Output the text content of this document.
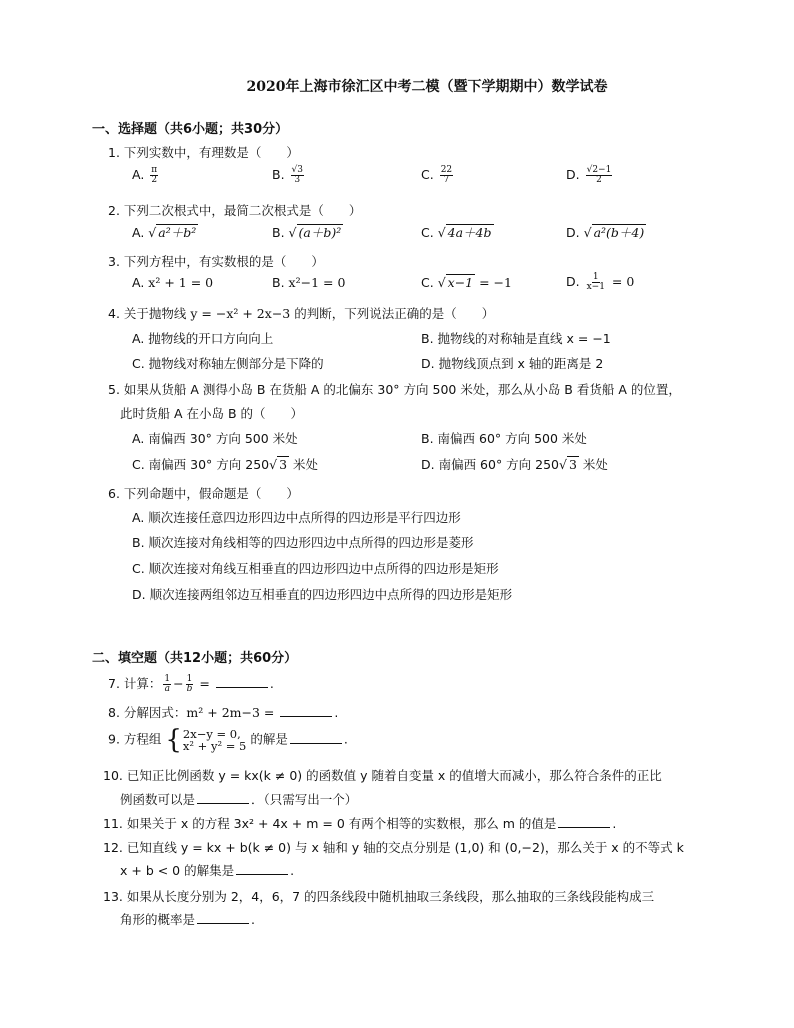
2020年上海市徐汇区中考二模（暨下学期期中）数学试卷
一、选择题（共6小题；共30分）
1. 下列实数中，有理数是（　　）
A. $\frac{\pi}{2}$	B. $\frac{√3}{3}$	C. $\frac{22}{7}$	D. $\frac{√2-1}{2}$
2. 下列二次根式中，最简二次根式是（　　）
A. √ a²＋b²	B. √ (a＋b)²	C. √ 4a＋4b	D. √ a²(b＋4)
3. 下列方程中，有实数根的是（　　）
A. x² + 1 = 0	B. x²−1 = 0	C. √ x−1 = −1	D. $\frac{1}{x-1} = 0$
4. 关于抛物线 y = −x² + 2x−3 的判断，下列说法正确的是（　　）
A. 抛物线的开口方向向上	B. 抛物线的对称轴是直线 x = −1
C. 抛物线对称轴左侧部分是下降的	D. 抛物线顶点到 x 轴的距离是 2
5. 如果从货船 A 测得小岛 B 在货船 A 的北偏东 30° 方向 500 米处，那么从小岛 B 看货船 A 的位置，
此时货船 A 在小岛 B 的（　　）
A. 南偏西 30° 方向 500 米处	B. 南偏西 60° 方向 500 米处
C. 南偏西 30° 方向 250√ 3 米处	D. 南偏西 60° 方向 250√ 3 米处
6. 下列命题中，假命题是（　　）
A. 顺次连接任意四边形四边中点所得的四边形是平行四边形
B. 顺次连接对角线相等的四边形四边中点所得的四边形是菱形
C. 顺次连接对角线互相垂直的四边形四边中点所得的四边形是矩形
D. 顺次连接两组邻边互相垂直的四边形四边中点所得的四边形是矩形
二、填空题（共12小题；共60分）
7. 计算： $\frac{1}{a} - \frac{1}{b}$ =	.
8. 分解因式：m² + 2m−3 =	.
9. 方程组 { 2x−y = 0,
x² + y² = 5 的解是	.
10. 已知正比例函数 y = kx(k ≠ 0) 的函数值 y 随着自变量 x 的值增大而减小，那么符合条件的正比
例函数可以是	．（只需写出一个）
11. 如果关于 x 的方程 3x² + 4x + m = 0 有两个相等的实数根，那么 m 的值是	.
12. 已知直线 y = kx + b(k ≠ 0) 与 x 轴和 y 轴的交点分别是 (1,0) 和 (0,−2)，那么关于 x 的不等式 k
x + b < 0 的解集是	.
13. 如果从长度分别为 2，4，6，7 的四条线段中随机抽取三条线段，那么抽取的三条线段能构成三
角形的概率是	.
